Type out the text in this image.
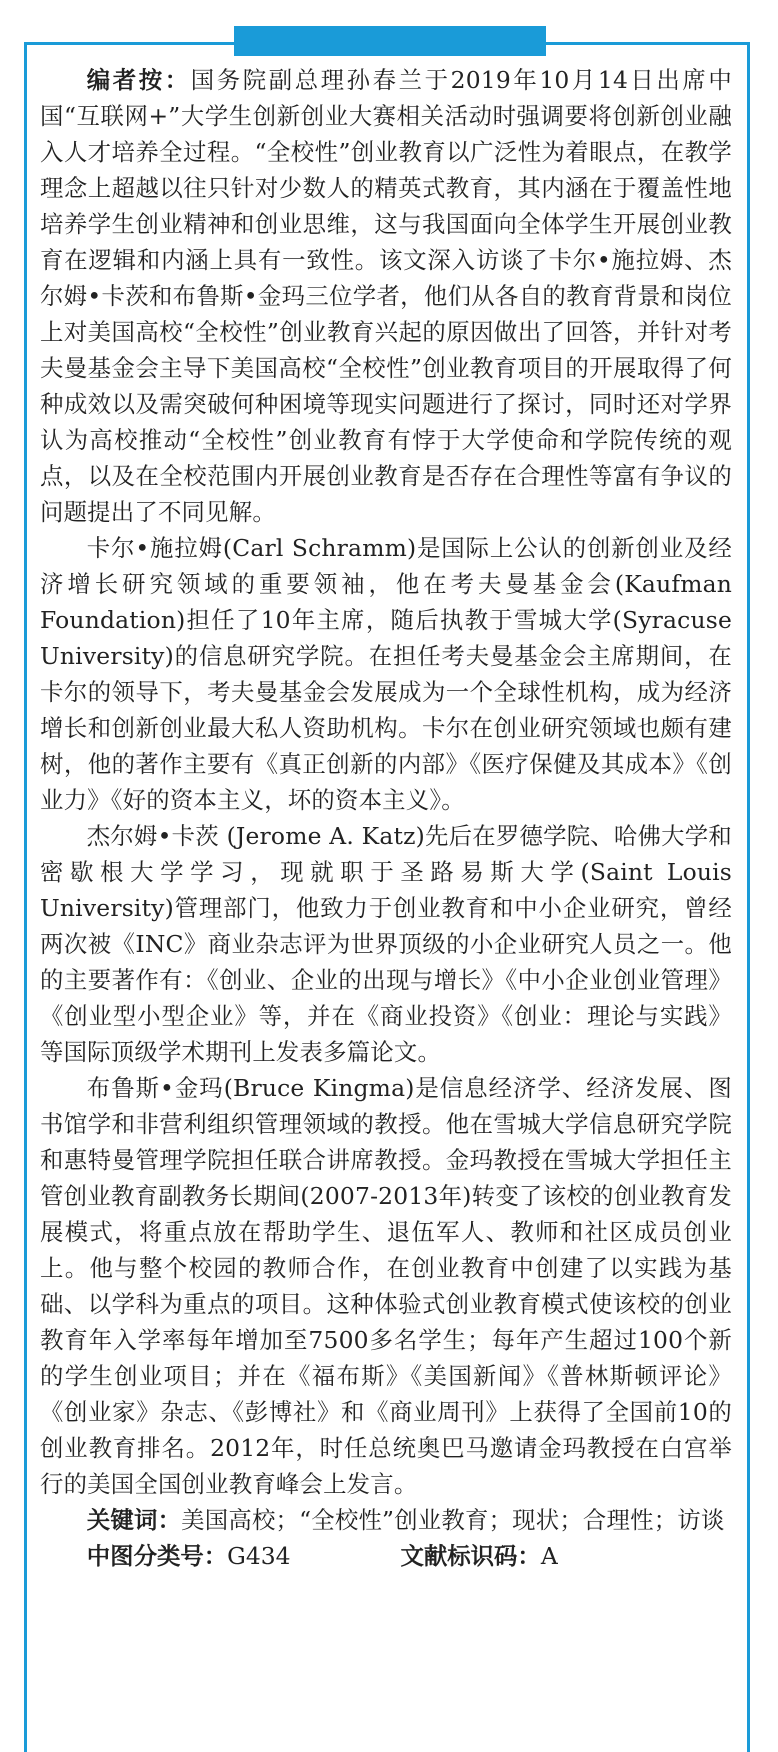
编者按：国务院副总理孙春兰于2019年10月14日出席中国“互联网+”大学生创新创业大赛相关活动时强调要将创新创业融入人才培养全过程。“全校性”创业教育以广泛性为着眼点，在教学理念上超越以往只针对少数人的精英式教育，其内涵在于覆盖性地培养学生创业精神和创业思维，这与我国面向全体学生开展创业教育在逻辑和内涵上具有一致性。该文深入访谈了卡尔•施拉姆、杰尔姆•卡茨和布鲁斯•金玛三位学者，他们从各自的教育背景和岗位上对美国高校“全校性”创业教育兴起的原因做出了回答，并针对考夫曼基金会主导下美国高校“全校性”创业教育项目的开展取得了何种成效以及需突破何种困境等现实问题进行了探讨，同时还对学界认为高校推动“全校性”创业教育有悖于大学使命和学院传统的观点，以及在全校范围内开展创业教育是否存在合理性等富有争议的问题提出了不同见解。

卡尔•施拉姆(Carl Schramm)是国际上公认的创新创业及经济增长研究领域的重要领袖，他在考夫曼基金会(Kaufman Foundation)担任了10年主席，随后执教于雪城大学(Syracuse University)的信息研究学院。在担任考夫曼基金会主席期间，在卡尔的领导下，考夫曼基金会发展成为一个全球性机构，成为经济增长和创新创业最大私人资助机构。卡尔在创业研究领域也颇有建树，他的著作主要有《真正创新的内部》《医疗保健及其成本》《创业力》《好的资本主义，坏的资本主义》。

杰尔姆•卡茨 (Jerome A. Katz)先后在罗德学院、哈佛大学和密歇根大学学习，现就职于圣路易斯大学(Saint Louis University)管理部门，他致力于创业教育和中小企业研究，曾经两次被《INC》商业杂志评为世界顶级的小企业研究人员之一。他的主要著作有：《创业、企业的出现与增长》《中小企业创业管理》《创业型小型企业》等，并在《商业投资》《创业：理论与实践》等国际顶级学术期刊上发表多篇论文。

布鲁斯•金玛(Bruce Kingma)是信息经济学、经济发展、图书馆学和非营利组织管理领域的教授。他在雪城大学信息研究学院和惠特曼管理学院担任联合讲席教授。金玛教授在雪城大学担任主管创业教育副教务长期间(2007-2013年)转变了该校的创业教育发展模式，将重点放在帮助学生、退伍军人、教师和社区成员创业上。他与整个校园的教师合作，在创业教育中创建了以实践为基础、以学科为重点的项目。这种体验式创业教育模式使该校的创业教育年入学率每年增加至7500多名学生；每年产生超过100个新的学生创业项目；并在《福布斯》《美国新闻》《普林斯顿评论》《创业家》杂志、《彭博社》和《商业周刊》上获得了全国前10的创业教育排名。2012年，时任总统奥巴马邀请金玛教授在白宫举行的美国全国创业教育峰会上发言。

关键词：美国高校；“全校性”创业教育；现状；合理性；访谈

中图分类号：G434	文献标识码：A
